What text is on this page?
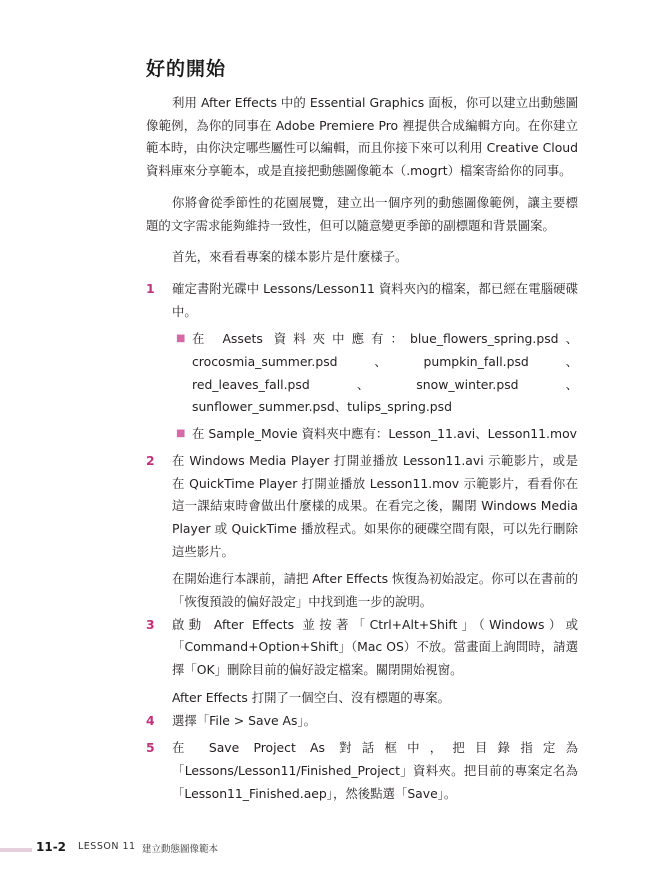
好的開始

利用 After Effects 中的 Essential Graphics 面板，你可以建立出動態圖像範例，為你的同事在 Adobe Premiere Pro 裡提供合成編輯方向。在你建立範本時，由你決定哪些屬性可以編輯，而且你接下來可以利用 Creative Cloud 資料庫來分享範本，或是直接把動態圖像範本（.mogrt）檔案寄給你的同事。

你將會從季節性的花園展覽，建立出一個序列的動態圖像範例，讓主要標題的文字需求能夠維持一致性，但可以隨意變更季節的副標題和背景圖案。

首先，來看看專案的樣本影片是什麼樣子。

1 確定書附光碟中 Lessons/Lesson11 資料夾內的檔案，都已經在電腦硬碟中。

■ 在 Assets 資料夾中應有：blue_flowers_spring.psd、crocosmia_summer.psd、pumpkin_fall.psd、red_leaves_fall.psd、snow_winter.psd、sunflower_summer.psd、tulips_spring.psd

■ 在 Sample_Movie 資料夾中應有：Lesson_11.avi、Lesson11.mov

2 在 Windows Media Player 打開並播放 Lesson11.avi 示範影片，或是在 QuickTime Player 打開並播放 Lesson11.mov 示範影片，看看你在這一課結束時會做出什麼樣的成果。在看完之後，關閉 Windows Media Player 或 QuickTime 播放程式。如果你的硬碟空間有限，可以先行刪除這些影片。

在開始進行本課前，請把 After Effects 恢復為初始設定。你可以在書前的「恢復預設的偏好設定」中找到進一步的說明。

3 啟動 After Effects 並按著「Ctrl+Alt+Shift」（Windows）或「Command+Option+Shift」（Mac OS）不放。當畫面上詢問時，請選擇「OK」刪除目前的偏好設定檔案。關閉開始視窗。

After Effects 打開了一個空白、沒有標題的專案。

4 選擇「File > Save As」。

5 在 Save Project As 對話框中，把目錄指定為「Lessons/Lesson11/Finished_Project」資料夾。把目前的專案定名為「Lesson11_Finished.aep」，然後點選「Save」。

11-2 LESSON 11 建立動態圖像範本
